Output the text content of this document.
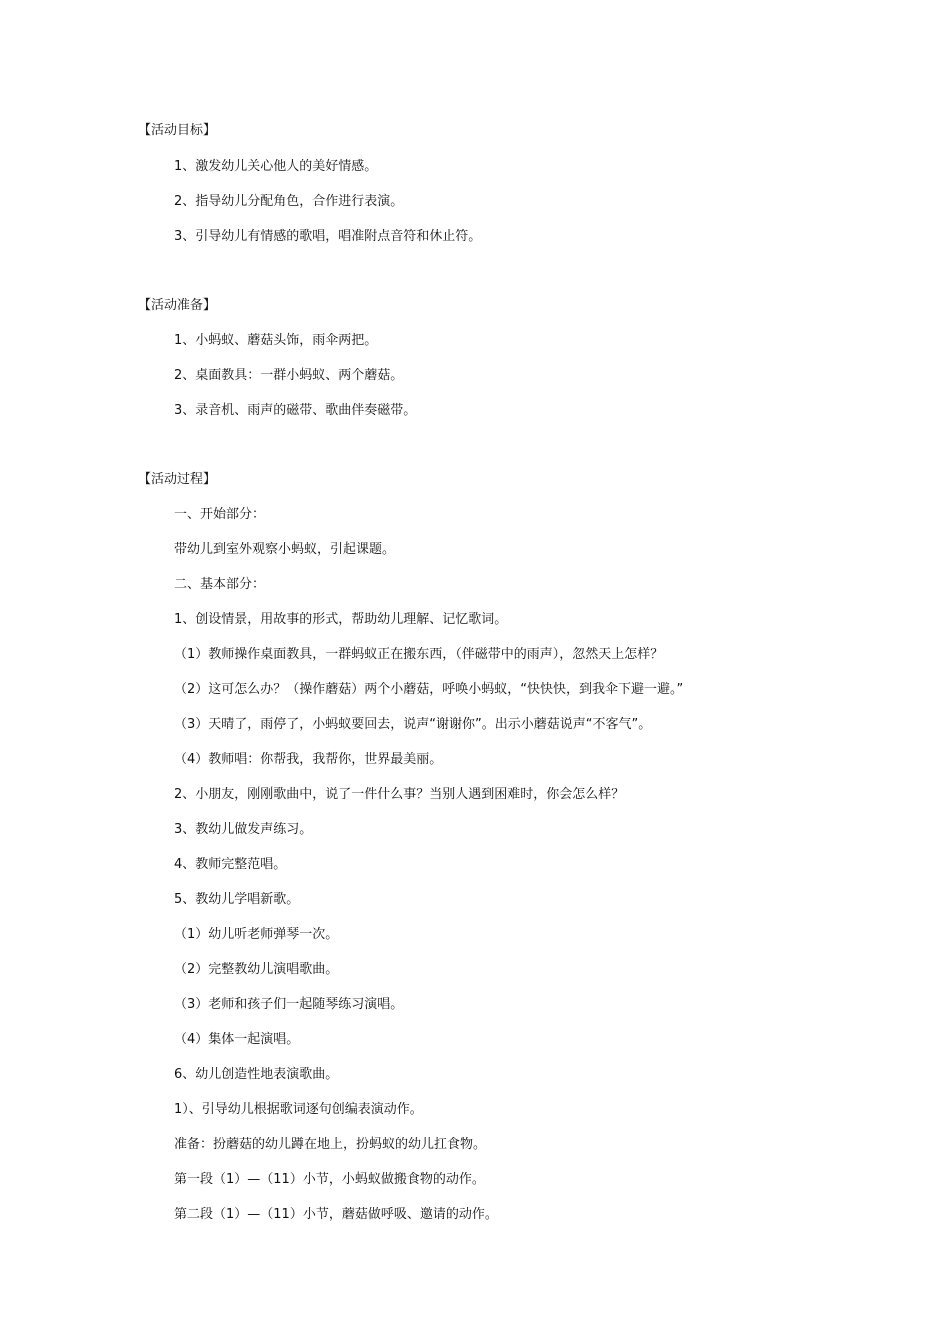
【活动目标】
1、激发幼儿关心他人的美好情感。
2、指导幼儿分配角色，合作进行表演。
3、引导幼儿有情感的歌唱，唱准附点音符和休止符。
【活动准备】
1、小蚂蚁、蘑菇头饰，雨伞两把。
2、桌面教具：一群小蚂蚁、两个蘑菇。
3、录音机、雨声的磁带、歌曲伴奏磁带。
【活动过程】
一、开始部分：
带幼儿到室外观察小蚂蚁，引起课题。
二、基本部分：
1、创设情景，用故事的形式，帮助幼儿理解、记忆歌词。
（1）教师操作桌面教具，一群蚂蚁正在搬东西，（伴磁带中的雨声），忽然天上怎样？
（2）这可怎么办？（操作蘑菇）两个小蘑菇，呼唤小蚂蚁，“快快快，到我伞下避一避。”
（3）天晴了，雨停了，小蚂蚁要回去，说声“谢谢你”。出示小蘑菇说声“不客气”。
（4）教师唱：你帮我，我帮你，世界最美丽。
2、小朋友，刚刚歌曲中，说了一件什么事？当别人遇到困难时，你会怎么样？
3、教幼儿做发声练习。
4、教师完整范唱。
5、教幼儿学唱新歌。
（1）幼儿听老师弹琴一次。
（2）完整教幼儿演唱歌曲。
（3）老师和孩子们一起随琴练习演唱。
（4）集体一起演唱。
6、幼儿创造性地表演歌曲。
1）、引导幼儿根据歌词逐句创编表演动作。
准备：扮蘑菇的幼儿蹲在地上，扮蚂蚁的幼儿扛食物。
第一段（1）—（11）小节，小蚂蚁做搬食物的动作。
第二段（1）—（11）小节，蘑菇做呼吸、邀请的动作。
